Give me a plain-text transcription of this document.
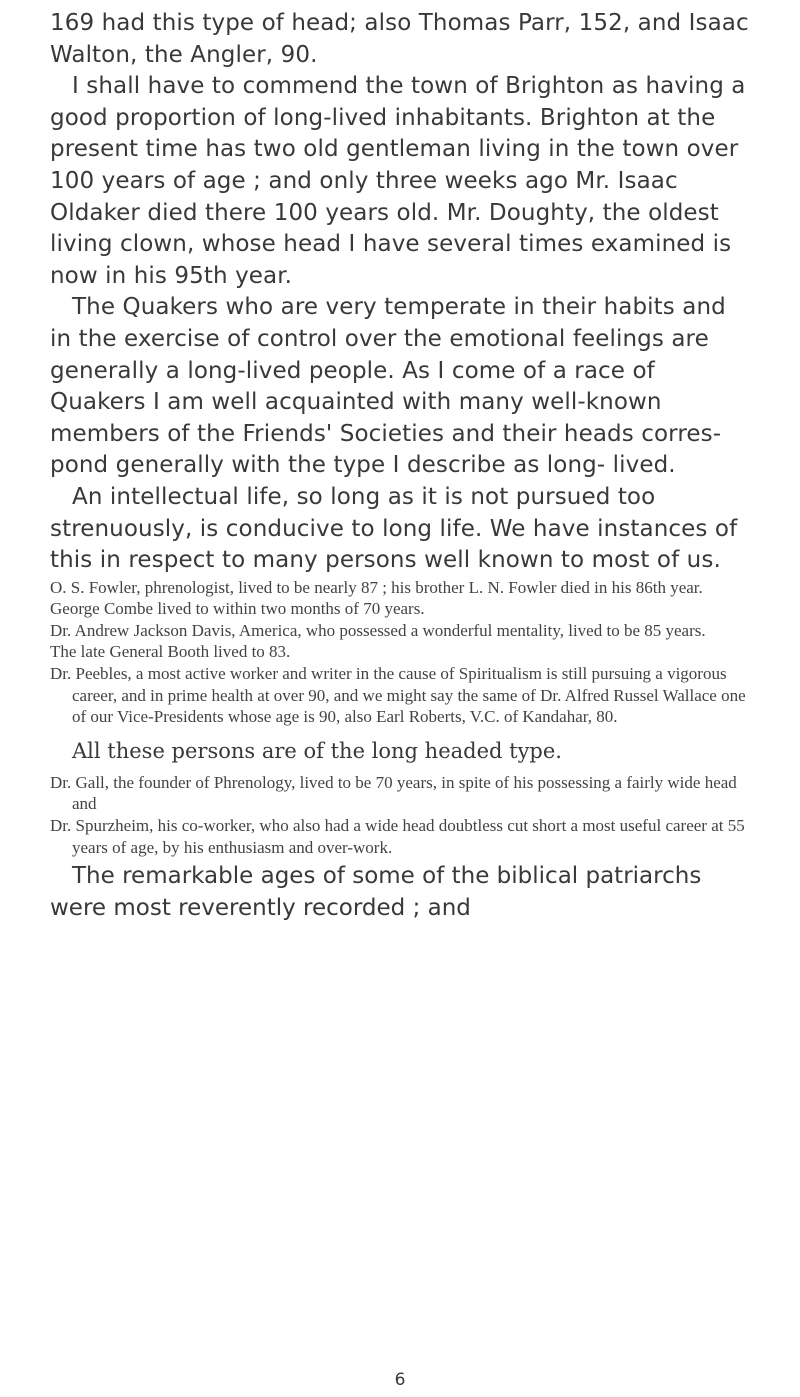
169 had this type of head; also Thomas Parr, 152, and Isaac Walton, the Angler, 90.

I shall have to commend the town of Brighton as having a good proportion of long-lived inhabitants. Brighton at the present time has two old gentleman living in the town over 100 years of age ; and only three weeks ago Mr. Isaac Oldaker died there 100 years old. Mr. Doughty, the oldest living clown, whose head I have several times examined is now in his 95th year.

The Quakers who are very temperate in their habits and in the exercise of control over the emotional feelings are generally a long-lived people. As I come of a race of Quakers I am well acquainted with many well-known members of the Friends' Societies and their heads corres- pond generally with the type I describe as long- lived.

An intellectual life, so long as it is not pursued too strenuously, is conducive to long life. We have instances of this in respect to many persons well known to most of us.

O. S. Fowler, phrenologist, lived to be nearly 87 ; his brother L. N. Fowler died in his 86th year.

George Combe lived to within two months of 70 years.

Dr. Andrew Jackson Davis, America, who possessed a wonderful mentality, lived to be 85 years.

The late General Booth lived to 83.

Dr. Peebles, a most active worker and writer in the cause of Spiritualism is still pursuing a vigorous career, and in prime health at over 90, and we might say the same of Dr. Alfred Russel Wallace one of our Vice-Presidents whose age is 90, also Earl Roberts, V.C. of Kandahar, 80.

All these persons are of the long headed type.

Dr. Gall, the founder of Phrenology, lived to be 70 years, in spite of his possessing a fairly wide head and

Dr. Spurzheim, his co-worker, who also had a wide head doubtless cut short a most useful career at 55 years of age, by his enthusiasm and over-work.

The remarkable ages of some of the biblical patriarchs were most reverently recorded ; and

6
